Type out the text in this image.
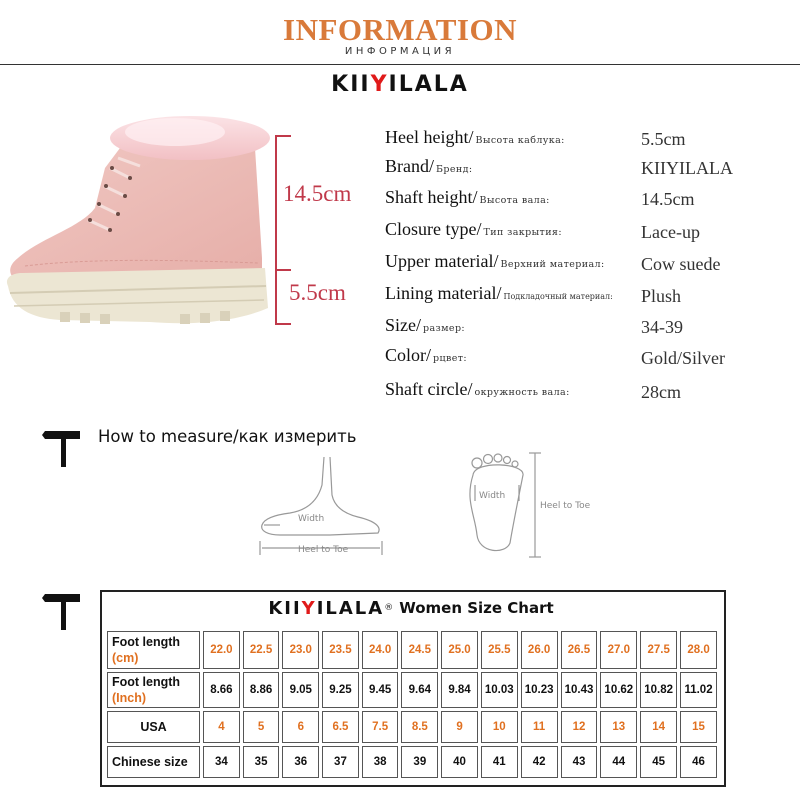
INFORMATION
ИНФОРМАЦИЯ
KIIYILALA
14.5cm
5.5cm
Heel height/ Высота каблука:	5.5cm
Brand/ Бренд:	KIIYILALA
Shaft height/ Высота вала:	14.5cm
Closure type/ Тип закрытия:	Lace-up
Upper material/ Верхний материал: Cow suede
Lining material/ Подкладочный материал: Plush
Size/ размер:	34-39
Color/ рцвет:	Gold/Silver
Shaft circle/ окружность вала:	28cm
How to measure/как измерить
Width
Heel to Toe
Width
Heel to Toe
KIIYILALA ® Women Size Chart
Foot length
(cm)	22.0	22.5	23.0	23.5	24.0	24.5	25.0	25.5	26.0	26.5	27.0	27.5	28.0

Foot length
(Inch)	8.66	8.86	9.05	9.25	9.45	9.64	9.84	10.03	10.23	10.43	10.62	10.82	11.02

USA	4	5	6	6.5	7.5	8.5	9	10	11	12	13	14	15

Chinese size	34	35	36	37	38	39	40	41	42	43	44	45	46
